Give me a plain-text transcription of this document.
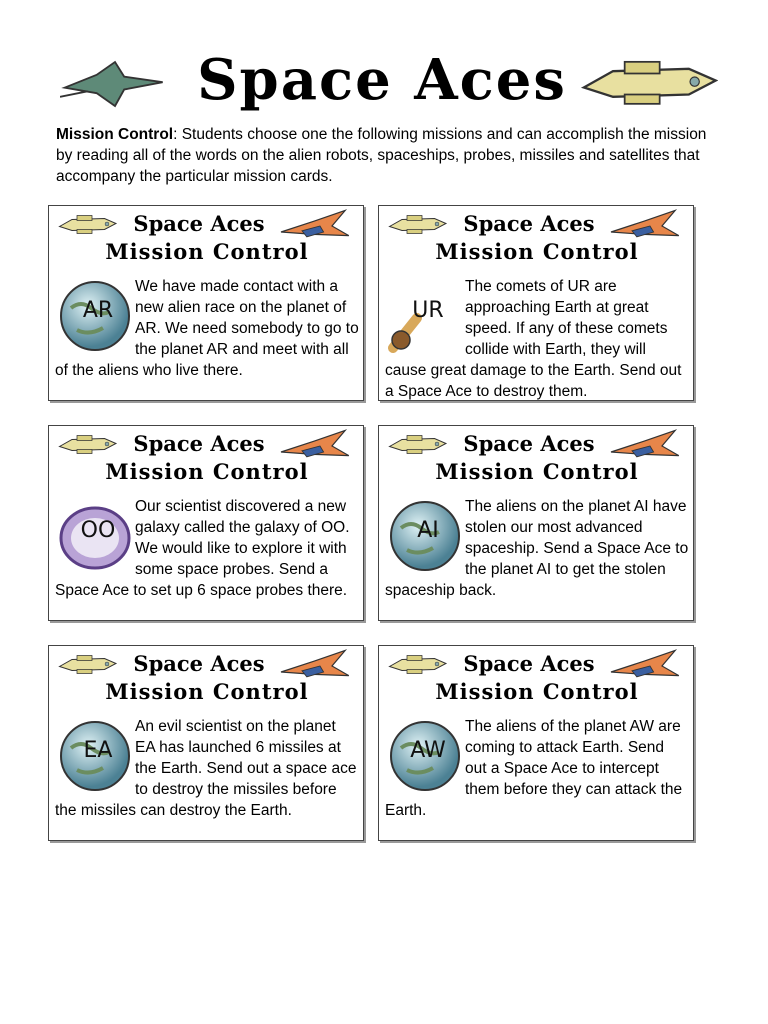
Space Aces
Mission Control: Students choose one the following missions and can accomplish the mission by reading all of the words on the alien robots, spaceships, probes, missiles and satellites that accompany the particular mission cards.
Space Aces
Mission Control
AR

We have made contact with a new alien race on the planet of AR. We need somebody to go to the planet AR and meet with all of the aliens who live there.

Space Aces
Mission Control
UR

The comets of UR are approaching Earth at great speed. If any of these comets collide with Earth, they will cause great damage to the Earth. Send out a Space Ace to destroy them.

Space Aces
Mission Control
OO

Our scientist discovered a new galaxy called the galaxy of OO. We would like to explore it with some space probes. Send a Space Ace to set up 6 space probes there.

Space Aces
Mission Control
AI

The aliens on the planet AI have stolen our most advanced spaceship. Send a Space Ace to the planet AI to get the stolen spaceship back.

Space Aces
Mission Control
EA

An evil scientist on the planet EA has launched 6 missiles at the Earth. Send out a space ace to destroy the missiles before the missiles can destroy the Earth.

Space Aces
Mission Control
AW

The aliens of the planet AW are coming to attack Earth. Send out a Space Ace to intercept them before they can attack the Earth.
